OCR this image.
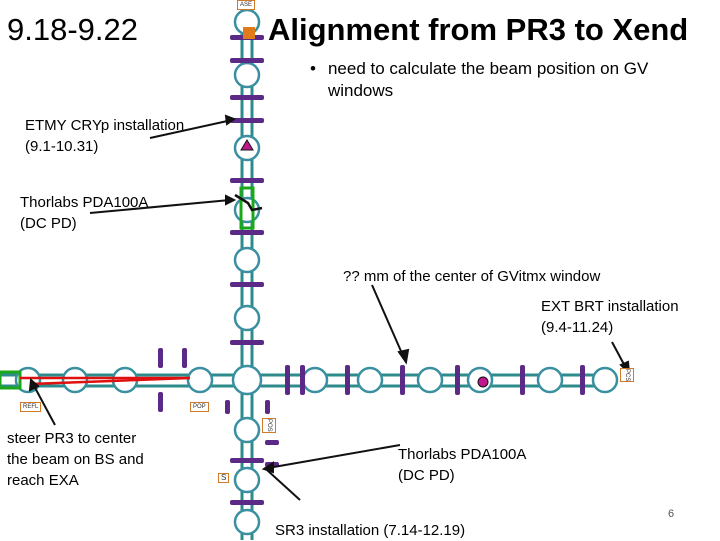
ASE
REFL	POP
POS
PCS
S
9.18-9.22	Alignment from PR3 to Xend
• need to calculate the beam position on GV windows
ETMY CRYp installation
(9.1-10.31)
Thorlabs PDA100A
(DC PD)
?? mm of the center of GVitmx window
EXT BRT installation
(9.4-11.24)
steer PR3 to center
the beam on BS and
reach EXA
Thorlabs PDA100A
(DC PD)
SR3 installation (7.14-12.19)
6
